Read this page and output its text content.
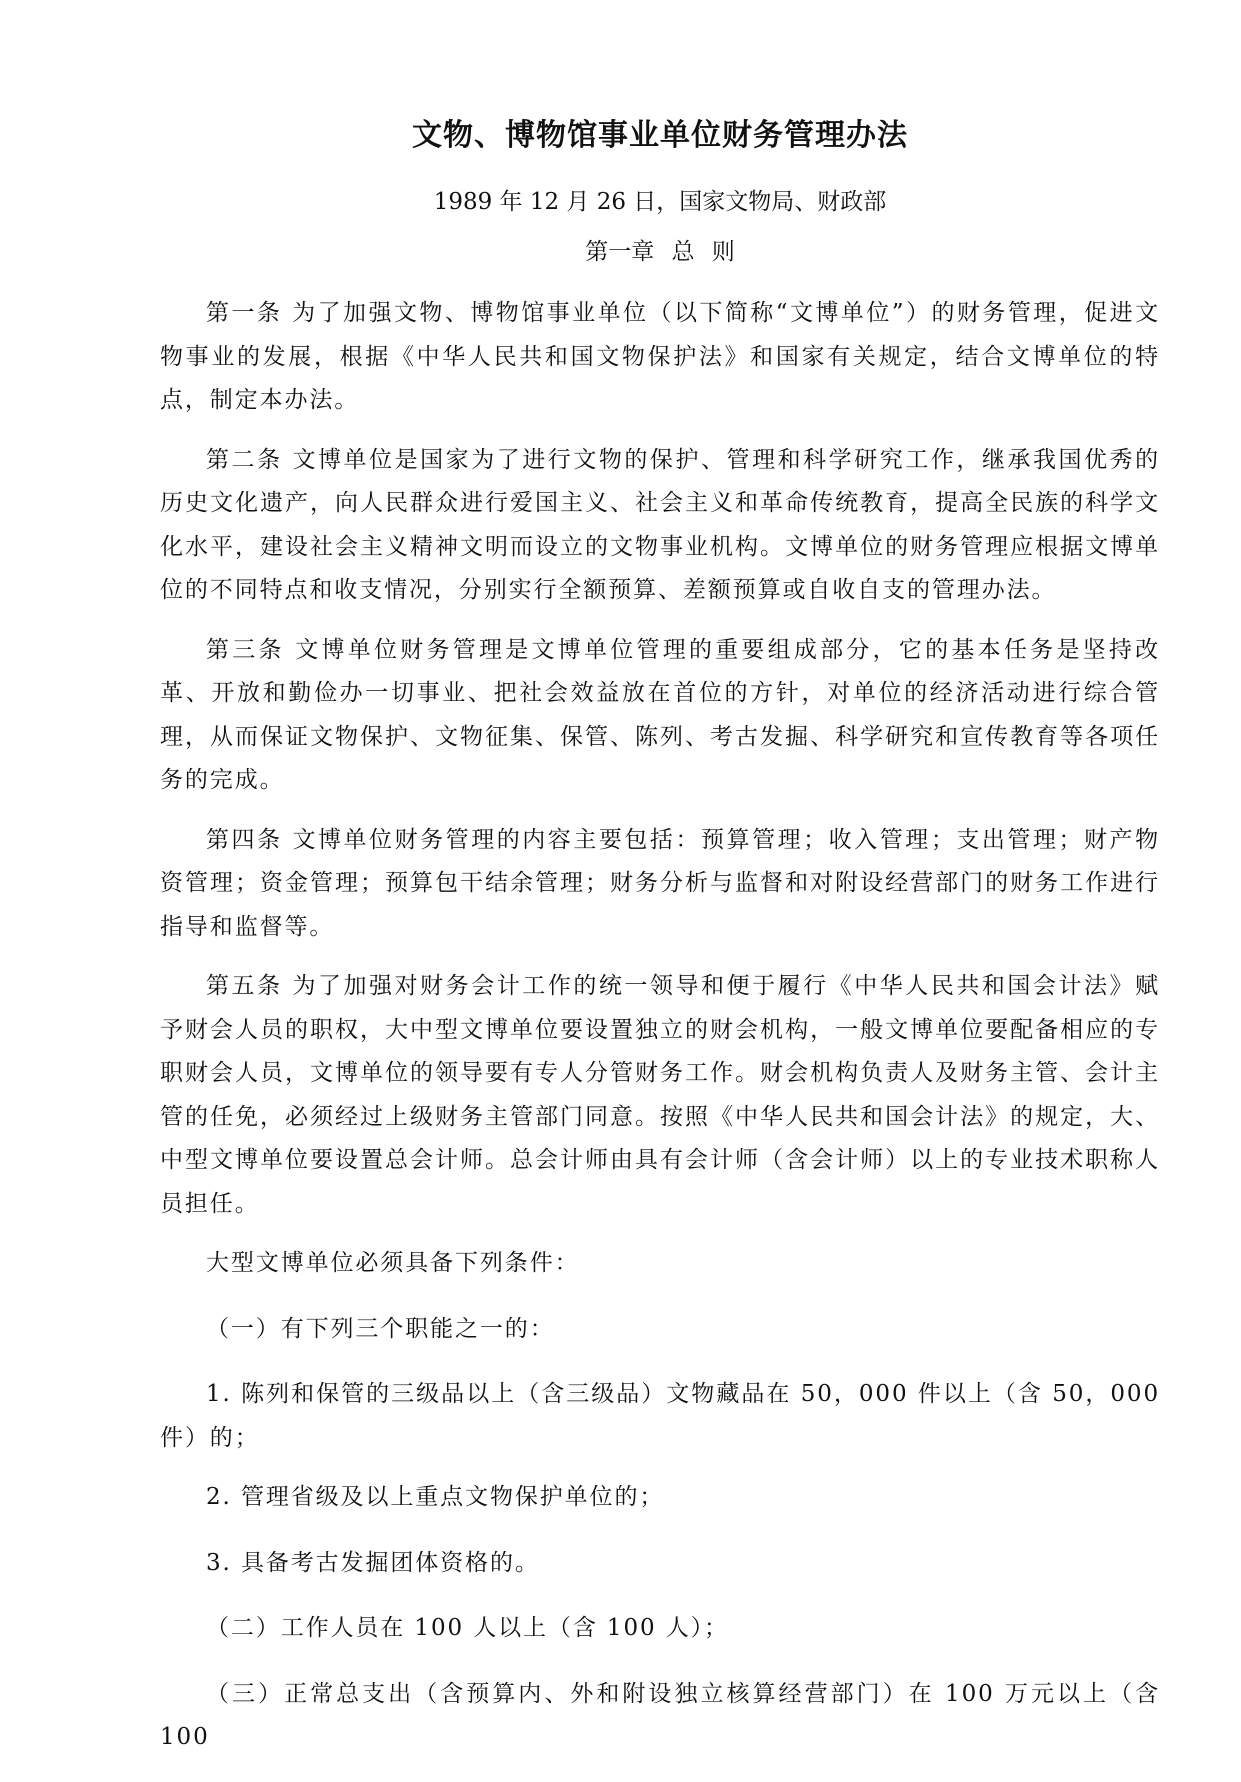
文物、博物馆事业单位财务管理办法
1989 年 12 月 26 日，国家文物局、财政部
第一章 总 则

第一条 为了加强文物、博物馆事业单位（以下简称“文博单位”）的财务管理，促进文物事业的发展，根据《中华人民共和国文物保护法》和国家有关规定，结合文博单位的特点，制定本办法。

第二条 文博单位是国家为了进行文物的保护、管理和科学研究工作，继承我国优秀的历史文化遗产，向人民群众进行爱国主义、社会主义和革命传统教育，提高全民族的科学文化水平，建设社会主义精神文明而设立的文物事业机构。文博单位的财务管理应根据文博单位的不同特点和收支情况，分别实行全额预算、差额预算或自收自支的管理办法。

第三条 文博单位财务管理是文博单位管理的重要组成部分，它的基本任务是坚持改革、开放和勤俭办一切事业、把社会效益放在首位的方针，对单位的经济活动进行综合管理，从而保证文物保护、文物征集、保管、陈列、考古发掘、科学研究和宣传教育等各项任务的完成。

第四条 文博单位财务管理的内容主要包括：预算管理；收入管理；支出管理；财产物资管理；资金管理；预算包干结余管理；财务分析与监督和对附设经营部门的财务工作进行指导和监督等。

第五条 为了加强对财务会计工作的统一领导和便于履行《中华人民共和国会计法》赋予财会人员的职权，大中型文博单位要设置独立的财会机构，一般文博单位要配备相应的专职财会人员，文博单位的领导要有专人分管财务工作。财会机构负责人及财务主管、会计主管的任免，必须经过上级财务主管部门同意。按照《中华人民共和国会计法》的规定，大、中型文博单位要设置总会计师。总会计师由具有会计师（含会计师）以上的专业技术职称人员担任。

大型文博单位必须具备下列条件：

（一）有下列三个职能之一的：

1. 陈列和保管的三级品以上（含三级品）文物藏品在 50，000 件以上（含 50，000 件）的；

2. 管理省级及以上重点文物保护单位的；

3. 具备考古发掘团体资格的。

（二）工作人员在 100 人以上（含 100 人）；

（三）正常总支出（含预算内、外和附设独立核算经营部门）在 100 万元以上（含 100
